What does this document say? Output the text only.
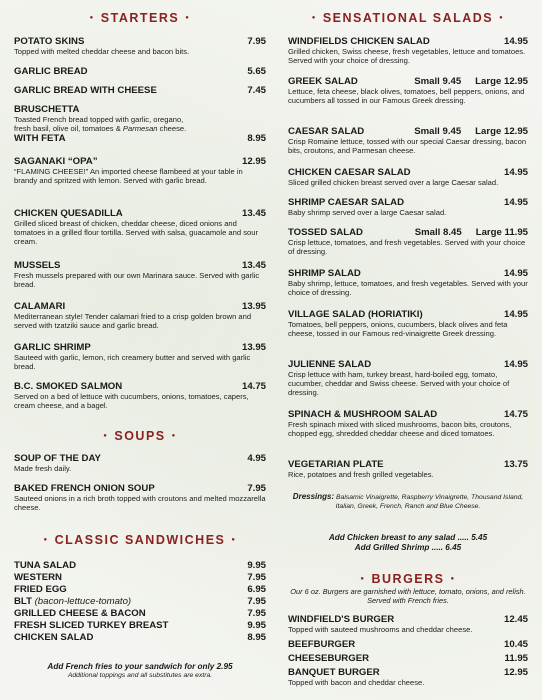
● STARTERS ●
POTATO SKINS	7.95
Topped with melted cheddar cheese and bacon bits.
GARLIC BREAD	5.65
GARLIC BREAD WITH CHEESE	7.45
BRUSCHETTA
Toasted French bread topped with garlic, oregano,
fresh basil, olive oil, tomatoes & Parmesan cheese.
WITH FETA	8.95
SAGANAKI “OPA”	12.95
“FLAMING CHEESE!” An imported cheese flambeed at your table in brandy and spritzed with lemon. Served with garlic bread.
CHICKEN QUESADILLA	13.45
Grilled sliced breast of chicken, cheddar cheese, diced onions and tomatoes in a grilled flour tortilla. Served with salsa, guacamole and sour cream.
MUSSELS	13.45
Fresh mussels prepared with our own Marinara sauce. Served with garlic bread.
CALAMARI	13.95
Mediterranean style! Tender calamari fried to a crisp golden brown and served with tzatziki sauce and garlic bread.
GARLIC SHRIMP	13.95
Sauteed with garlic, lemon, rich creamery butter and served with garlic bread.
B.C. SMOKED SALMON	14.75
Served on a bed of lettuce with cucumbers, onions, tomatoes, capers, cream cheese, and a bagel.
● SOUPS ●
SOUP OF THE DAY	4.95
Made fresh daily.
BAKED FRENCH ONION SOUP	7.95
Sauteed onions in a rich broth topped with croutons and melted mozzarella cheese.
● CLASSIC SANDWICHES ●
TUNA SALAD	9.95
WESTERN	7.95
FRIED EGG	6.95
BLT (bacon-lettuce-tomato)	7.95
GRILLED CHEESE & BACON	7.95
FRESH SLICED TURKEY BREAST	9.95
CHICKEN SALAD	8.95
Add French fries to your sandwich for only 2.95
Additional toppings and all substitutes are extra.
● SENSATIONAL SALADS ●
WINDFIELDS CHICKEN SALAD	14.95
Grilled chicken, Swiss cheese, fresh vegetables, lettuce and tomatoes. Served with your choice of dressing.
GREEK SALAD	Small 9.45 Large 12.95
Lettuce, feta cheese, black olives, tomatoes, bell peppers, onions, and cucumbers all tossed in our Famous Greek dressing.
CAESAR SALAD	Small 9.45 Large 12.95
Crisp Romaine lettuce, tossed with our special Caesar dressing, bacon bits, croutons, and Parmesan cheese.
CHICKEN CAESAR SALAD	14.95
Sliced grilled chicken breast served over a large Caesar salad.
SHRIMP CAESAR SALAD	14.95
Baby shrimp served over a large Caesar salad.
TOSSED SALAD	Small 8.45 Large 11.95
Crisp lettuce, tomatoes, and fresh vegetables. Served with your choice of dressing.
SHRIMP SALAD	14.95
Baby shrimp, lettuce, tomatoes, and fresh vegetables. Served with your choice of dressing.
VILLAGE SALAD (HORIATIKI)	14.95
Tomatoes, bell peppers, onions, cucumbers, black olives and feta cheese, tossed in our Famous red-vinaigrette Greek dressing.
JULIENNE SALAD	14.95
Crisp lettuce with ham, turkey breast, hard-boiled egg, tomato, cucumber, cheddar and Swiss cheese. Served with your choice of dressing.
SPINACH & MUSHROOM SALAD	14.75
Fresh spinach mixed with sliced mushrooms, bacon bits, croutons, chopped egg, shredded cheddar cheese and diced tomatoes.
VEGETARIAN PLATE	13.75
Rice, potatoes and fresh grilled vegetables.
Dressings: Balsamic Vinaigrette, Raspberry Vinaigrette, Thousand Island, Italian, Greek, French, Ranch and Blue Cheese.
Add Chicken breast to any salad ..... 5.45
Add Grilled Shrimp ..... 6.45
● BURGERS ●
Our 6 oz. Burgers are garnished with lettuce, tomato, onions, and relish. Served with French fries.
WINDFIELD'S BURGER	12.45
Topped with sauteed mushrooms and cheddar cheese.
BEEFBURGER	10.45
CHEESEBURGER	11.95
BANQUET BURGER	12.95
Topped with bacon and cheddar cheese.
